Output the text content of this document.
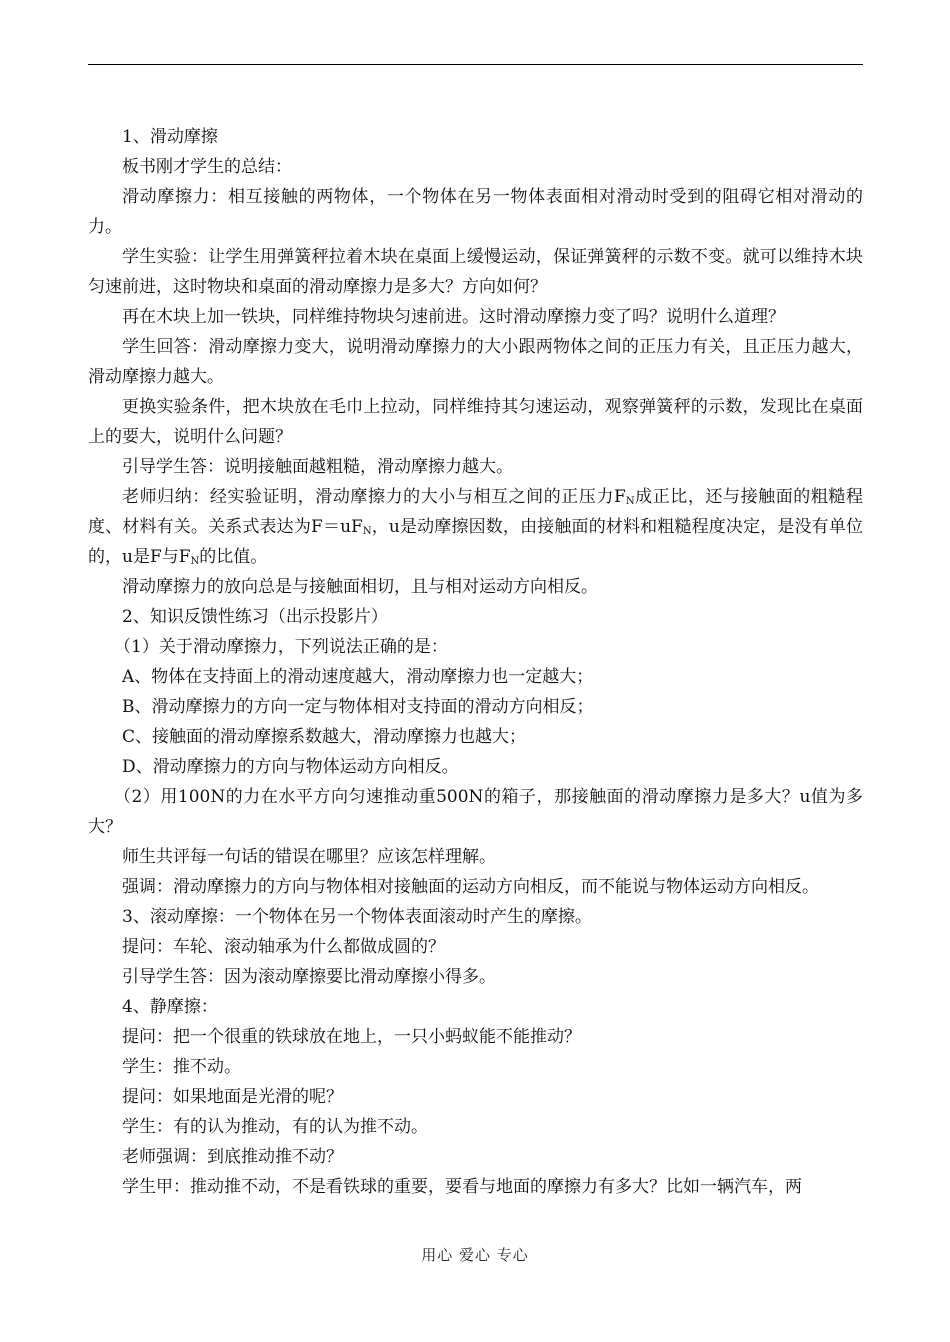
1、滑动摩擦

板书刚才学生的总结：

滑动摩擦力：相互接触的两物体，一个物体在另一物体表面相对滑动时受到的阻碍它相对滑动的力。

学生实验：让学生用弹簧秤拉着木块在桌面上缓慢运动，保证弹簧秤的示数不变。就可以维持木块匀速前进，这时物块和桌面的滑动摩擦力是多大？方向如何？

再在木块上加一铁块，同样维持物块匀速前进。这时滑动摩擦力变了吗？说明什么道理？

学生回答：滑动摩擦力变大，说明滑动摩擦力的大小跟两物体之间的正压力有关，且正压力越大，滑动摩擦力越大。

更换实验条件，把木块放在毛巾上拉动，同样维持其匀速运动，观察弹簧秤的示数，发现比在桌面上的要大，说明什么问题？

引导学生答：说明接触面越粗糙，滑动摩擦力越大。

老师归纳：经实验证明，滑动摩擦力的大小与相互之间的正压力$F_N$成正比，还与接触面的粗糙程度、材料有关。关系式表达为$F=uF_N$，u是动摩擦因数，由接触面的材料和粗糙程度决定，是没有单位的，u是F与$F_N$的比值。

滑动摩擦力的放向总是与接触面相切，且与相对运动方向相反。

2、知识反馈性练习（出示投影片）

（1）关于滑动摩擦力，下列说法正确的是：

A、物体在支持面上的滑动速度越大，滑动摩擦力也一定越大；

B、滑动摩擦力的方向一定与物体相对支持面的滑动方向相反；

C、接触面的滑动摩擦系数越大，滑动摩擦力也越大；

D、滑动摩擦力的方向与物体运动方向相反。

（2）用100N的力在水平方向匀速推动重500N的箱子，那接触面的滑动摩擦力是多大？u值为多大？

师生共评每一句话的错误在哪里？应该怎样理解。

强调：滑动摩擦力的方向与物体相对接触面的运动方向相反，而不能说与物体运动方向相反。

3、滚动摩擦：一个物体在另一个物体表面滚动时产生的摩擦。

提问：车轮、滚动轴承为什么都做成圆的？

引导学生答：因为滚动摩擦要比滑动摩擦小得多。

4、静摩擦：

提问：把一个很重的铁球放在地上，一只小蚂蚁能不能推动？

学生：推不动。

提问：如果地面是光滑的呢？

学生：有的认为推动，有的认为推不动。

老师强调：到底推动推不动？

学生甲：推动推不动，不是看铁球的重要，要看与地面的摩擦力有多大？比如一辆汽车，两

用心 爱心 专心
